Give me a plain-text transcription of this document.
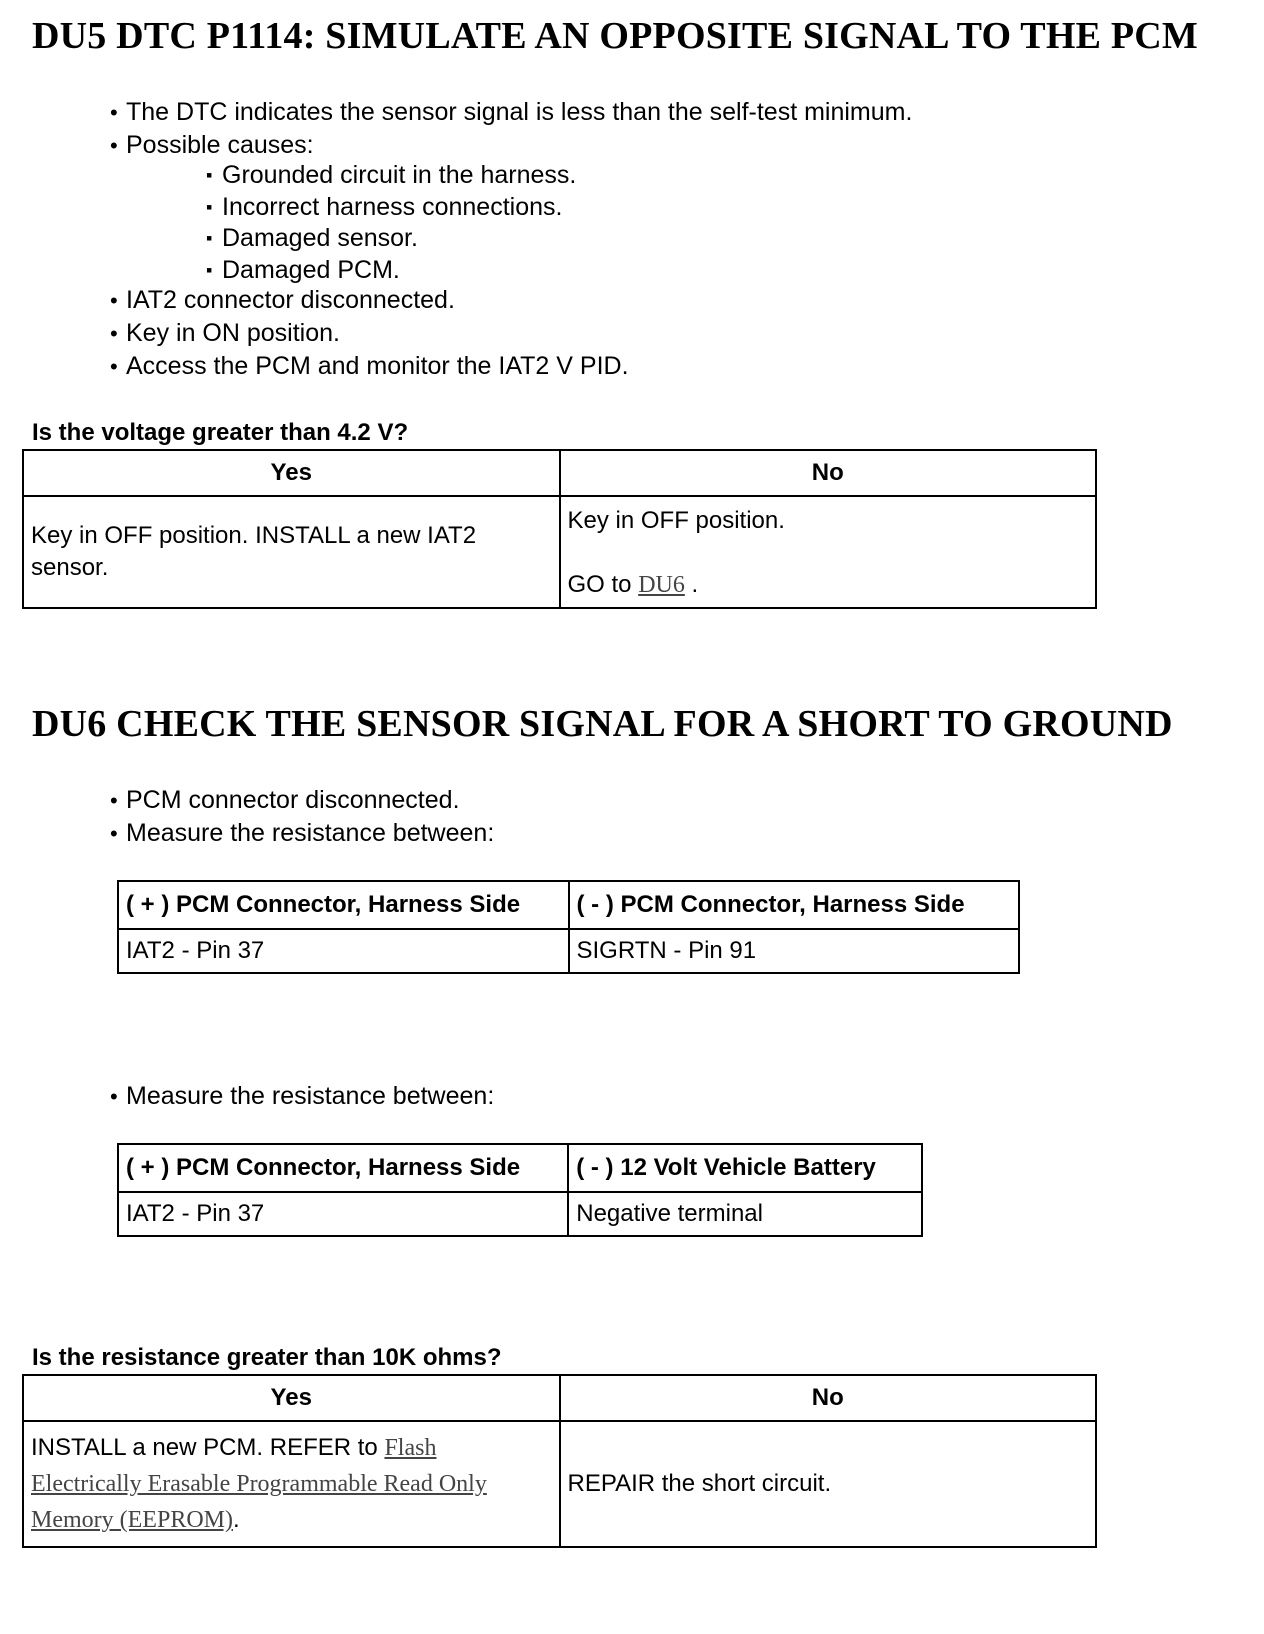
DU5 DTC P1114: SIMULATE AN OPPOSITE SIGNAL TO THE PCM
• The DTC indicates the sensor signal is less than the self-test minimum.
• Possible causes:
▪ Grounded circuit in the harness.
▪ Incorrect harness connections.
▪ Damaged sensor.
▪ Damaged PCM.
• IAT2 connector disconnected.
• Key in ON position.
• Access the PCM and monitor the IAT2 V PID.

Is the voltage greater than 4.2 V?

Yes	No
Key in OFF position. INSTALL a new IAT2 sensor.	Key in OFF position.
GO to DU6 .
DU6 CHECK THE SENSOR SIGNAL FOR A SHORT TO GROUND
• PCM connector disconnected.
• Measure the resistance between:
( + ) PCM Connector, Harness Side	( - ) PCM Connector, Harness Side
IAT2 - Pin 37	SIGRTN - Pin 91
• Measure the resistance between:
( + ) PCM Connector, Harness Side	( - ) 12 Volt Vehicle Battery
IAT2 - Pin 37	Negative terminal

Is the resistance greater than 10K ohms?

Yes	No
INSTALL a new PCM. REFER to Flash Electrically Erasable Programmable Read Only Memory (EEPROM).	REPAIR the short circuit.
